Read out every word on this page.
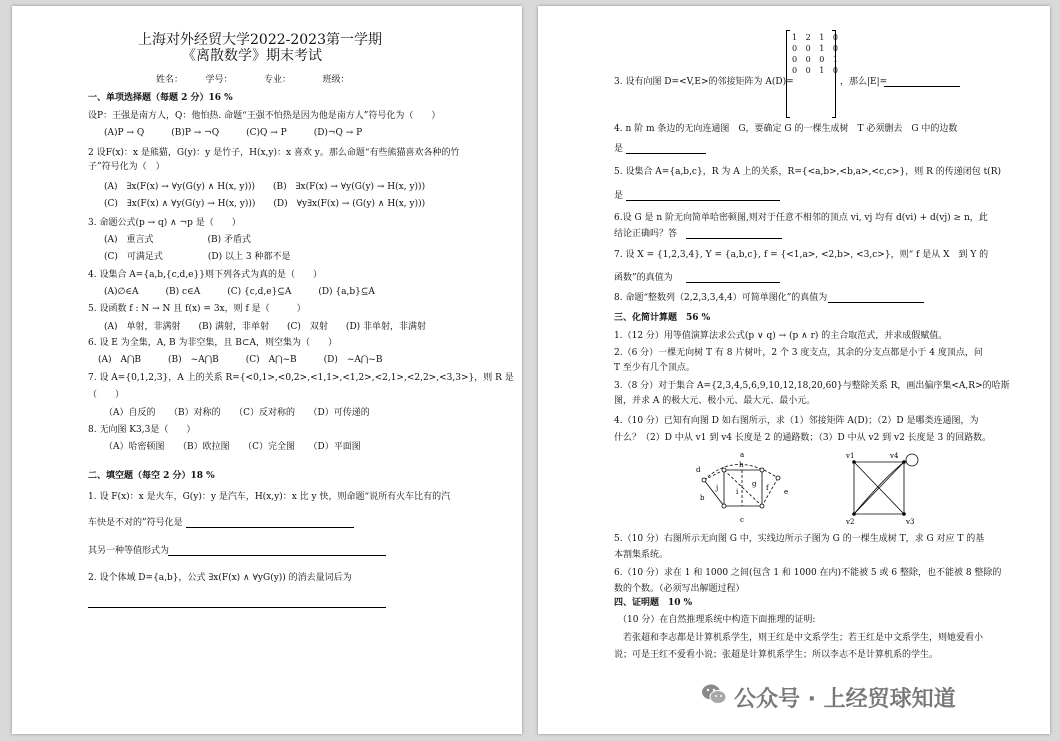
上海对外经贸大学2022-2023第一学期
《离散数学》期末考试
姓名：　　　学号：　　　　专业：　　　　班级：
一、单项选择题（每题 2 分）16 %
设P：王强是南方人，Q：他怕热. 命题“王强不怕热是因为他是南方人”符号化为（　　）
(A)P → Q　　　(B)P → ¬Q　　　(C)Q → P　　　(D)¬Q → P
2 设F(x)：x 是熊猫，G(y)：y 是竹子，H(x,y)：x 喜欢 y。那么命题“有些熊猫喜欢各种的竹
子”符号化为（　）
(A)　∃x(F(x) → ∀y(G(y) ∧ H(x, y)))　　(B)　∃x(F(x) → ∀y(G(y) → H(x, y)))
(C)　∃x(F(x) ∧ ∀y(G(y) → H(x, y)))　　(D)　∀y∃x(F(x) → (G(y) ∧ H(x, y)))
3. 命题公式(p → q) ∧ ¬p 是（　　）
(A)　重言式　　　　　　(B) 矛盾式
(C)　可满足式　　　　　(D) 以上 3 种都不是
4. 设集合 A={a,b,{c,d,e}}则下列各式为真的是（　　）
(A)∅∈A　　　(B) c∈A　　　(C) {c,d,e}⊆A　　　(D) {a,b}⊆A
5. 设函数 f : N → N 且 f(x) = 3x，则 f 是（　　　）
(A)　单射，非满射　　(B) 满射，非单射　　(C)　双射　　(D) 非单射，非满射
6. 设 E 为全集，A, B 为非空集，且 B⊂A，则空集为（　　）
(A)　A⋂B　　　(B)　~A⋂B　　　(C)　A⋂~B　　　(D)　~A⋂~B
7. 设 A={0,1,2,3}，A 上的关系 R={<0,1>,<0,2>,<1,1>,<1,2>,<2,1>,<2,2>,<3,3>}，则 R 是
（　　）
（A）自反的　　（B）对称的　　（C）反对称的　　（D）可传递的
8. 无向图 K3,3是（　　）
（A）哈密顿图　　（B）欧拉图　　（C）完全图　　（D）平面图
二、填空题（每空 2 分）18 %
1. 设 F(x)：x 是火车，G(y)：y 是汽车，H(x,y)：x 比 y 快，则命题“说所有火车比有的汽
车快是不对的”符号化是
其另一种等值形式为
2. 设个体域 D={a,b}，公式 ∃x(F(x) ∧ ∀yG(y)) 的消去量词后为
3. 设有向图 D=<V,E>的邻接矩阵为 A(D)=
1 2 1 0
0 0 1 0
0 0 0 1
0 0 1 0
，那么|E|=
4. n 阶 m 条边的无向连通图　G，要确定 G 的一棵生成树　T 必须删去　G 中的边数
是
5. 设集合 A={a,b,c}，R 为 A 上的关系，R={<a,b>,<b,a>,<c,c>}，则 R 的传递闭包 t(R)
是
6.设 G 是 n 阶无向简单哈密顿图,则对于任意不相邻的顶点 vi, vj 均有 d(vi) + d(vj) ≥ n，此
结论正确吗？答
7. 设 X = {1,2,3,4}, Y = {a,b,c}, f = {<1,a>, <2,b>, <3,c>}，则“ f 是从 X　到 Y 的
函数”的真值为
8. 命题“整数列（2,2,3,3,4,4）可简单图化”的真值为
三、化简计算题　56 %
1.（12 分）用等值演算法求公式(p ∨ q) → (p ∧ r) 的主合取范式，并求成假赋值。
2.（6 分）一棵无向树 T 有 8 片树叶，2 个 3 度支点，其余的分支点都是小于 4 度顶点，问
T 至少有几个顶点。
3.（8 分）对于集合 A={2,3,4,5,6,9,10,12,18,20,60}与整除关系 R，画出偏序集<A,R>的哈斯
图，并求 A 的极大元、极小元、最大元、最小元。
4.（10 分）已知有向图 D 如右图所示，求（1）邻接矩阵 A(D)；（2）D 是哪类连通图，为
什么？（2）D 中从 v1 到 v4 长度是 2 的通路数；（3）D 中从 v2 到 v2 长度是 3 的回路数。
a
b
c
d
e
f
g
h
i
j
v1
v2	v3
v4
5.（10 分）右图所示无向图 G 中，实线边所示子图为 G 的一棵生成树 T，求 G 对应 T 的基
本割集系统。
6.（10 分）求在 1 和 1000 之间(包含 1 和 1000 在内)不能被 5 或 6 整除，也不能被 8 整除的
数的个数。（必须写出解题过程）
四、证明题　10 %
（10 分）在自然推理系统中构造下面推理的证明:
　若张超和李志都是计算机系学生，则王红是中文系学生；若王红是中文系学生，则她爱看小
说；可是王红不爱看小说；张超是计算机系学生；所以李志不是计算机系的学生。
公众号 · 上经贸球知道
